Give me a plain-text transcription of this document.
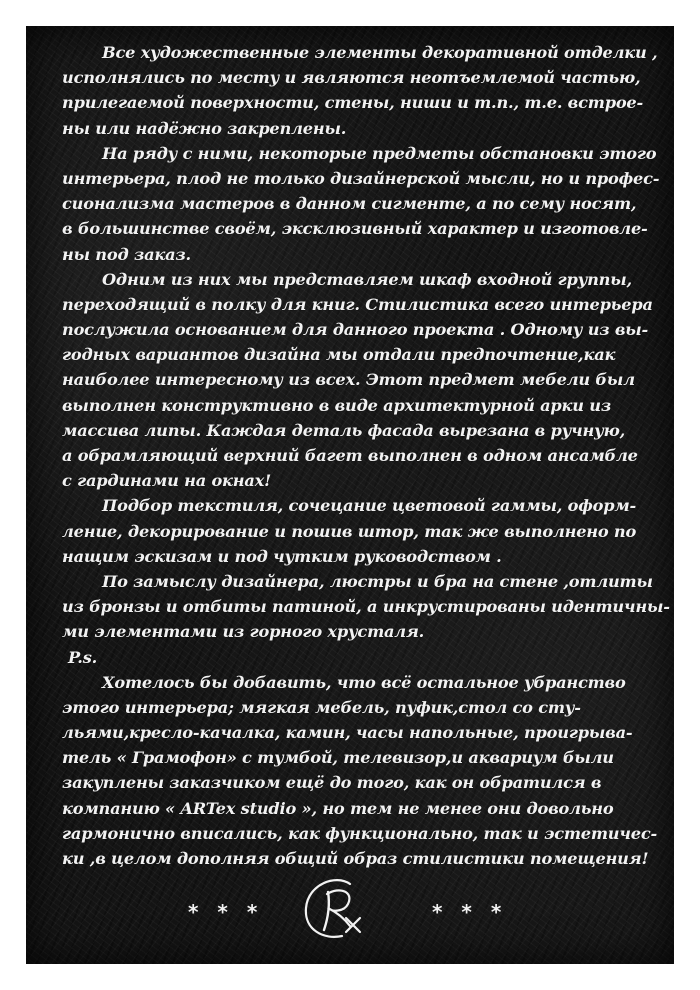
Все художественные элементы декоративной отделки ,
исполнялись по месту и являются неотъемлемой частью,
прилегаемой поверхности, стены, ниши и т.п., т.е. встрое-
ны или надёжно закреплены.
На ряду с ними, некоторые предметы обстановки этого
интерьера, плод не только дизайнерской мысли, но и профес-
сионализма мастеров в данном сигменте, а по сему носят,
в большинстве своём, эксклюзивный характер и изготовле-
ны под заказ.
Одним из них мы представляем шкаф входной группы,
переходящий в полку для книг. Стилистика всего интерьера
послужила основанием для данного проекта . Одному из вы-
годных вариантов дизайна мы отдали предпочтение,как
наиболее интересному из всех. Этот предмет мебели был
выполнен конструктивно в виде архитектурной арки из
массива липы. Каждая деталь фасада вырезана в ручную,
а обрамляющий верхний багет выполнен в одном ансамбле
с гардинами на окнах!
Подбор текстиля, сочецание цветовой гаммы, оформ-
ление, декорирование и пошив штор, так же выполнено по
нащим эскизам и под чутким руководством .
По замыслу дизайнера, люстры и бра на стене ,отлиты
из бронзы и отбиты патиной, а инкрустированы идентичны-
ми элементами из горного хрусталя.
P.s.
Хотелось бы добавить, что всё остальное убранство
этого интерьера; мягкая мебель, пуфик,стол со сту-
льями,кресло-качалка, камин, часы напольные, проигрыва-
тель « Грамофон» с тумбой, телевизор,и аквариум были
закуплены заказчиком ещё до того, как он обратился в
компанию « ARTex studio », но тем не менее они довольно
гармонично вписались, как функционально, так и эстетичес-
ки ,в целом дополняя общий образ стилистики помещения!
* * *	* * *
